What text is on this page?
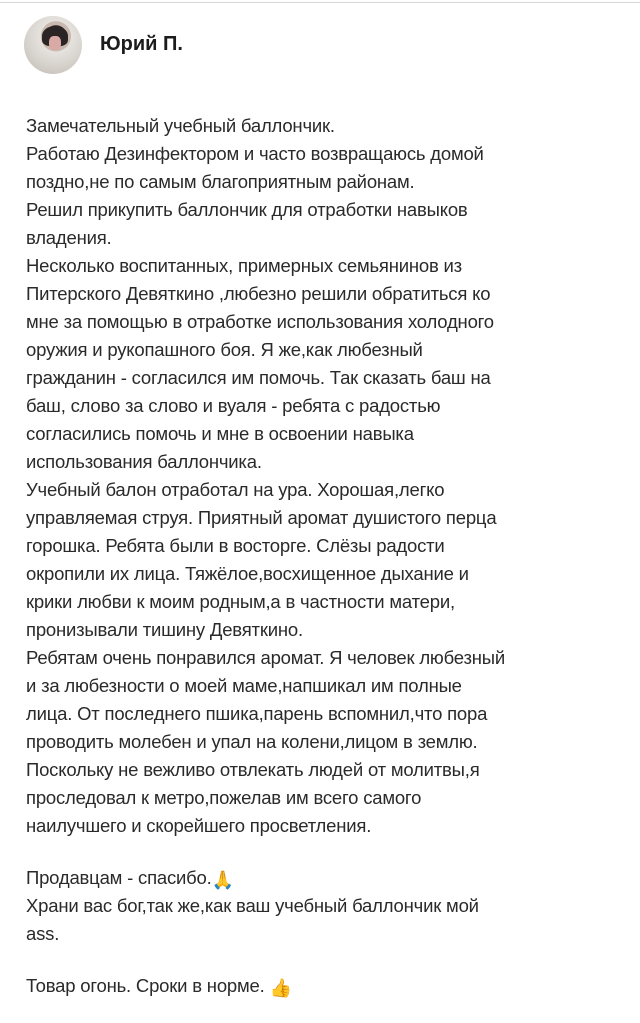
Юрий П.
Замечательный учебный баллончик.
Работаю Дезинфектором и часто возвращаюсь домой
поздно,не по самым благоприятным районам.
Решил прикупить баллончик для отработки навыков
владения.
Несколько воспитанных, примерных семьянинов из
Питерского Девяткино ,любезно решили обратиться ко
мне за помощью в отработке использования холодного
оружия и рукопашного боя. Я же,как любезный
гражданин - согласился им помочь. Так сказать баш на
баш, слово за слово и вуаля - ребята с радостью
согласились помочь и мне в освоении навыка
использования баллончика.
Учебный балон отработал на ура. Хорошая,легко
управляемая струя. Приятный аромат душистого перца
горошка. Ребята были в восторге. Слёзы радости
окропили их лица. Тяжёлое,восхищенное дыхание и
крики любви к моим родным,а в частности матери,
пронизывали тишину Девяткино.
Ребятам очень понравился аромат. Я человек любезный
и за любезности о моей маме,напшикал им полные
лица. От последнего пшика,парень вспомнил,что пора
проводить молебен и упал на колени,лицом в землю.
Поскольку не вежливо отвлекать людей от молитвы,я
проследовал к метро,пожелав им всего самого
наилучшего и скорейшего просветления.
Продавцам - спасибо.🙏
Храни вас бог,так же,как ваш учебный баллончик мой
ass.
Товар огонь. Сроки в норме. 👍
